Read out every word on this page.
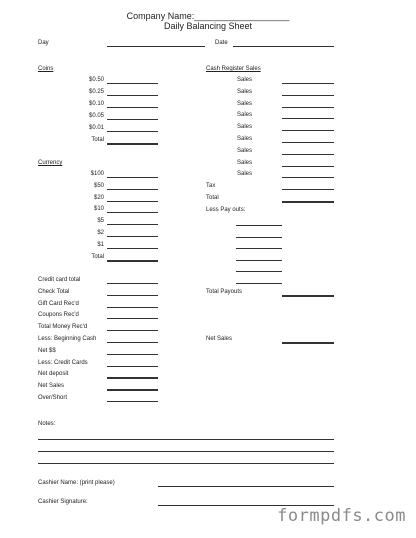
Company Name:___________________
Daily Balancing Sheet
Day	Date
Coins
$0.50
$0.25
$0.10
$0.05
$0.01
Total
Currency
$100
$50
$20
$10
$5
$2
$1
Total
Cash Register Sales
Sales
Sales
Sales
Sales
Sales
Sales
Sales
Sales
Sales
Tax
Total
Less Pay outs:
Total Payouts
Net Sales
Credit card total
Check Total
Gift Card Rec'd
Coupons Rec'd
Total Money Rec'd
Less: Beginning Cash
Net $$
Less: Credit Cards
Net deposit
Net Sales
Over/Short
Notes:
Cashier Name: (print please)
Cashier Signature:
formpdfs.com
